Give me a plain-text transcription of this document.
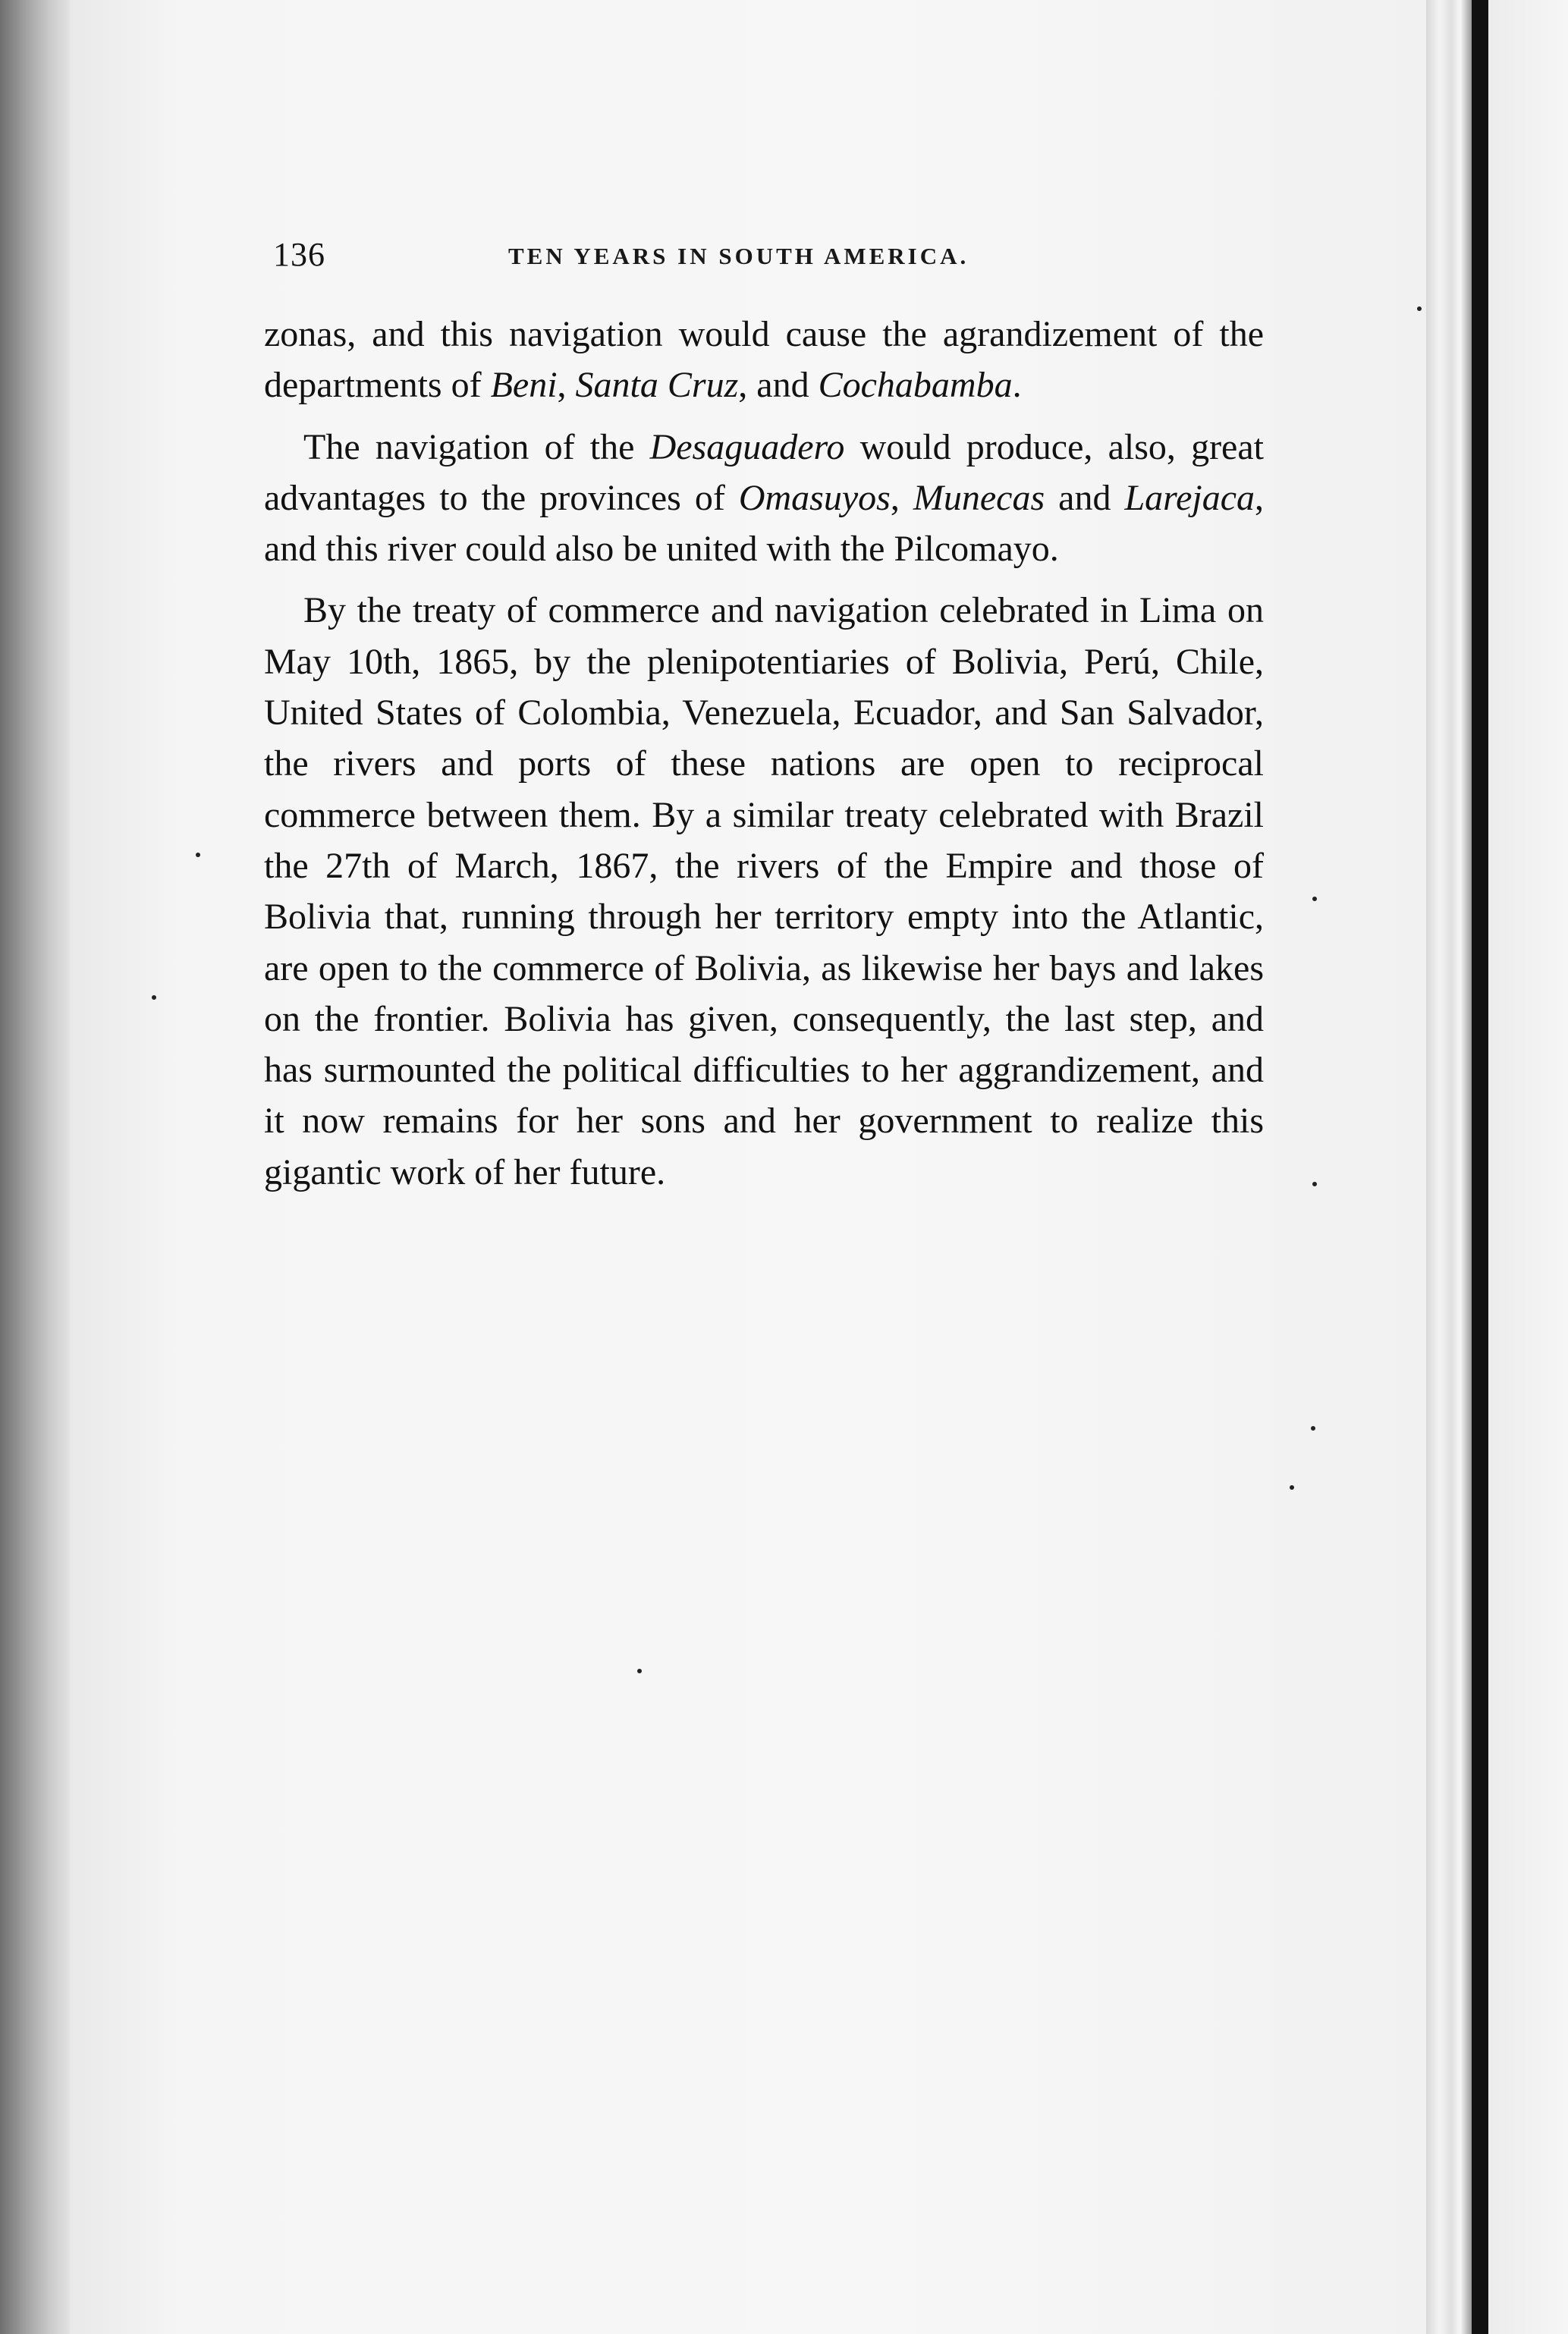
136	TEN YEARS IN SOUTH AMERICA.

zonas, and this navigation would cause the agrandizement of the departments of Beni, Santa Cruz, and Cochabamba.

The navigation of the Desaguadero would produce, also, great advantages to the provinces of Omasuyos, Munecas and Larejaca, and this river could also be united with the Pilcomayo.

By the treaty of commerce and navigation celebrated in Lima on May 10th, 1865, by the plenipotentiaries of Bolivia, Perú, Chile, United States of Colombia, Venezuela, Ecuador, and San Salvador, the rivers and ports of these nations are open to reciprocal commerce between them. By a similar treaty celebrated with Brazil the 27th of March, 1867, the rivers of the Empire and those of Bolivia that, running through her territory empty into the Atlantic, are open to the commerce of Bolivia, as likewise her bays and lakes on the frontier. Bolivia has given, consequently, the last step, and has surmounted the political difficulties to her aggrandizement, and it now remains for her sons and her government to realize this gigantic work of her future.
